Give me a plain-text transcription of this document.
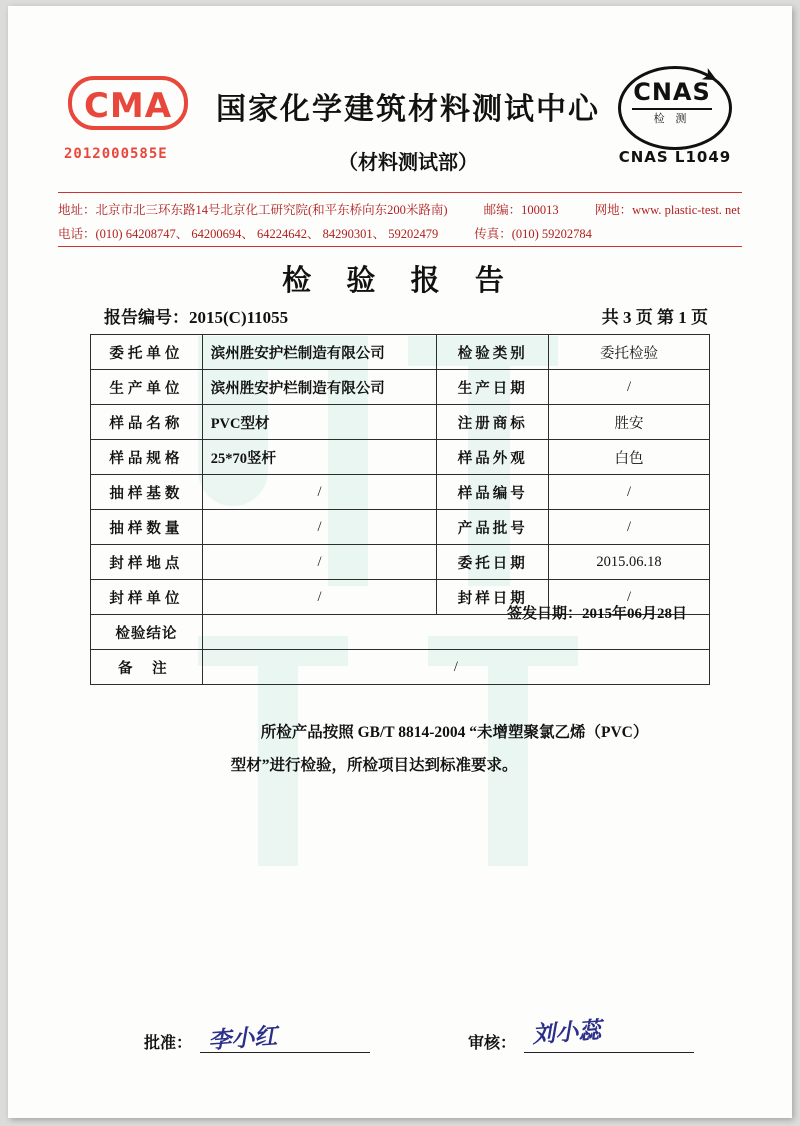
CMA
2012000585E
国家化学建筑材料测试中心
（材料测试部）
➤
CNAS
检 测
CNAS L1049
地址：北京市北三环东路14号北京化工研究院(和平东桥向东200米路南)	邮编：100013	网地：www. plastic-test. net
电话：(010) 64208747、 64200694、 64224642、 84290301、 59202479	传真：(010) 59202784
检 验 报 告
报告编号：2015(C)11055	共 3 页 第 1 页
委托单位	滨州胜安护栏制造有限公司	检验类别	委托检验
生产单位	滨州胜安护栏制造有限公司	生产日期	/
样品名称	PVC型材	注册商标	胜安
样品规格	25*70竖杆	样品外观	白色
抽样基数	/	样品编号	/
抽样数量	/	产品批号	/
封样地点	/	委托日期	2015.06.18
封样单位	/	封样日期	/
检验结论	所检产品按照 GB/T 8814-2004 “未增塑聚氯乙烯（PVC）
型材”进行检验，所检项目达到标准要求。
签发日期：2015年06月28日		

备 注	/		
批准： 李小红	审核： 刘小蕊
